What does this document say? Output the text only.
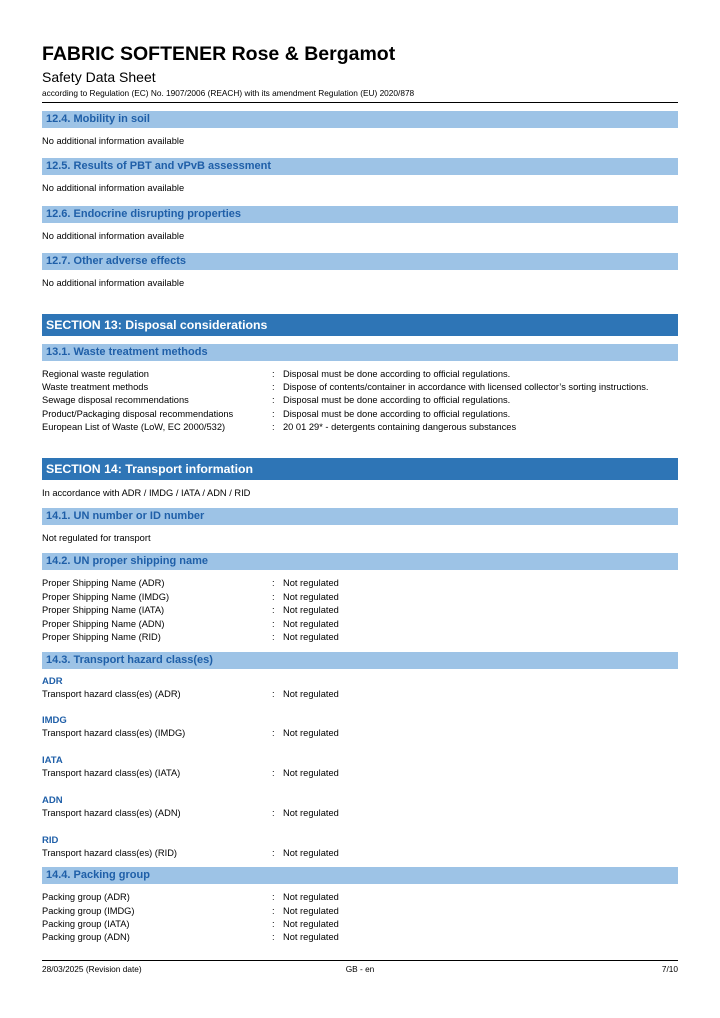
FABRIC SOFTENER Rose & Bergamot
Safety Data Sheet
according to Regulation (EC) No. 1907/2006 (REACH) with its amendment Regulation (EU) 2020/878
12.4. Mobility in soil
No additional information available
12.5. Results of PBT and vPvB assessment
No additional information available
12.6. Endocrine disrupting properties
No additional information available
12.7. Other adverse effects
No additional information available
SECTION 13: Disposal considerations
13.1. Waste treatment methods
Regional waste regulation	: Disposal must be done according to official regulations.
Waste treatment methods	: Dispose of contents/container in accordance with licensed collector’s sorting instructions.
Sewage disposal recommendations	: Disposal must be done according to official regulations.
Product/Packaging disposal recommendations	: Disposal must be done according to official regulations.
European List of Waste (LoW, EC 2000/532)	: 20 01 29* - detergents containing dangerous substances
SECTION 14: Transport information
In accordance with ADR / IMDG / IATA / ADN / RID
14.1. UN number or ID number
Not regulated for transport
14.2. UN proper shipping name
Proper Shipping Name (ADR)	: Not regulated
Proper Shipping Name (IMDG)	: Not regulated
Proper Shipping Name (IATA)	: Not regulated
Proper Shipping Name (ADN)	: Not regulated
Proper Shipping Name (RID)	: Not regulated
14.3. Transport hazard class(es)
ADR
Transport hazard class(es) (ADR)	: Not regulated
IMDG
Transport hazard class(es) (IMDG)	: Not regulated
IATA
Transport hazard class(es) (IATA)	: Not regulated
ADN
Transport hazard class(es) (ADN)	: Not regulated
RID
Transport hazard class(es) (RID)	: Not regulated
14.4. Packing group
Packing group (ADR)	: Not regulated
Packing group (IMDG)	: Not regulated
Packing group (IATA)	: Not regulated
Packing group (ADN)	: Not regulated
28/03/2025 (Revision date)	GB - en	7/10
